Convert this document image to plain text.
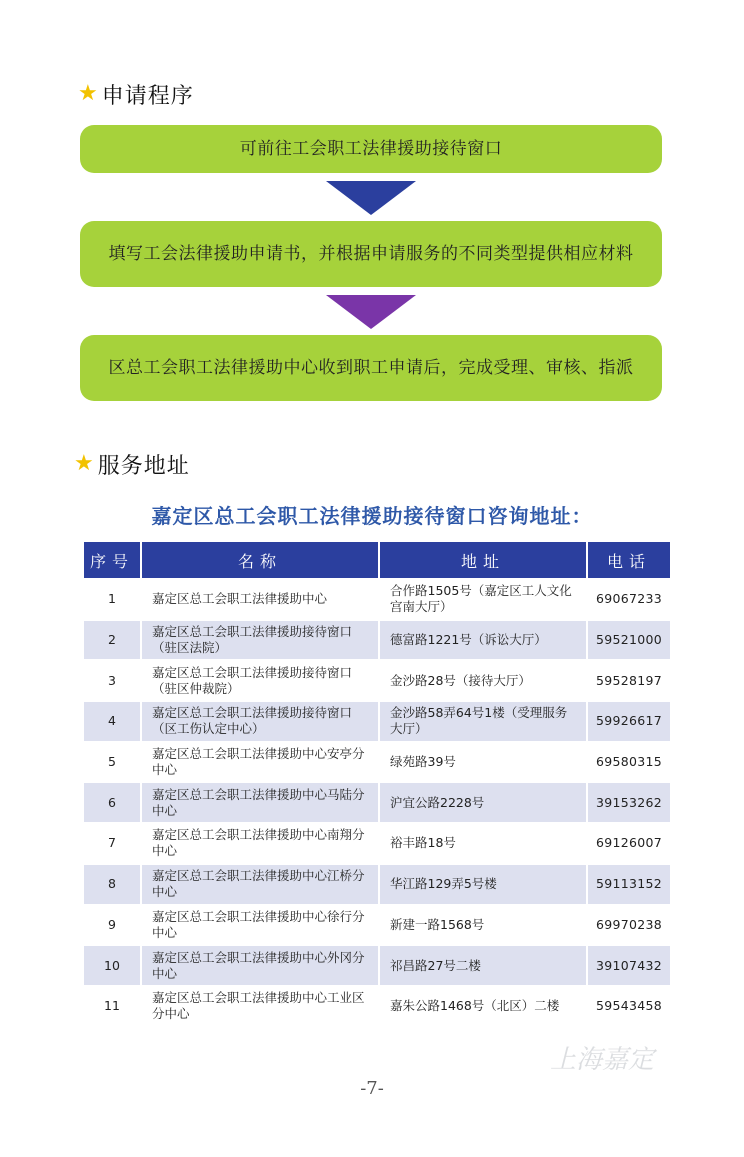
★ 申请程序
可前往工会职工法律援助接待窗口
填写工会法律援助申请书，并根据申请服务的不同类型提供相应材料
区总工会职工法律援助中心收到职工申请后，完成受理、审核、指派
★ 服务地址
嘉定区总工会职工法律援助接待窗口咨询地址：
序号	名称	地址	电话
1	嘉定区总工会职工法律援助中心	合作路1505号（嘉定区工人文化宫南大厅）	69067233
2	嘉定区总工会职工法律援助接待窗口（驻区法院）	德富路1221号（诉讼大厅）	59521000
3	嘉定区总工会职工法律援助接待窗口（驻区仲裁院）	金沙路28号（接待大厅）	59528197
4	嘉定区总工会职工法律援助接待窗口（区工伤认定中心）	金沙路58弄64号1楼（受理服务大厅）	59926617
5	嘉定区总工会职工法律援助中心安亭分中心	绿苑路39号	69580315
6	嘉定区总工会职工法律援助中心马陆分中心	沪宜公路2228号	39153262
7	嘉定区总工会职工法律援助中心南翔分中心	裕丰路18号	69126007
8	嘉定区总工会职工法律援助中心江桥分中心	华江路129弄5号楼	59113152
9	嘉定区总工会职工法律援助中心徐行分中心	新建一路1568号	69970238
10	嘉定区总工会职工法律援助中心外冈分中心	祁昌路27号二楼	39107432
11	嘉定区总工会职工法律援助中心工业区分中心	嘉朱公路1468号（北区）二楼	59543458
上海嘉定
-7-
